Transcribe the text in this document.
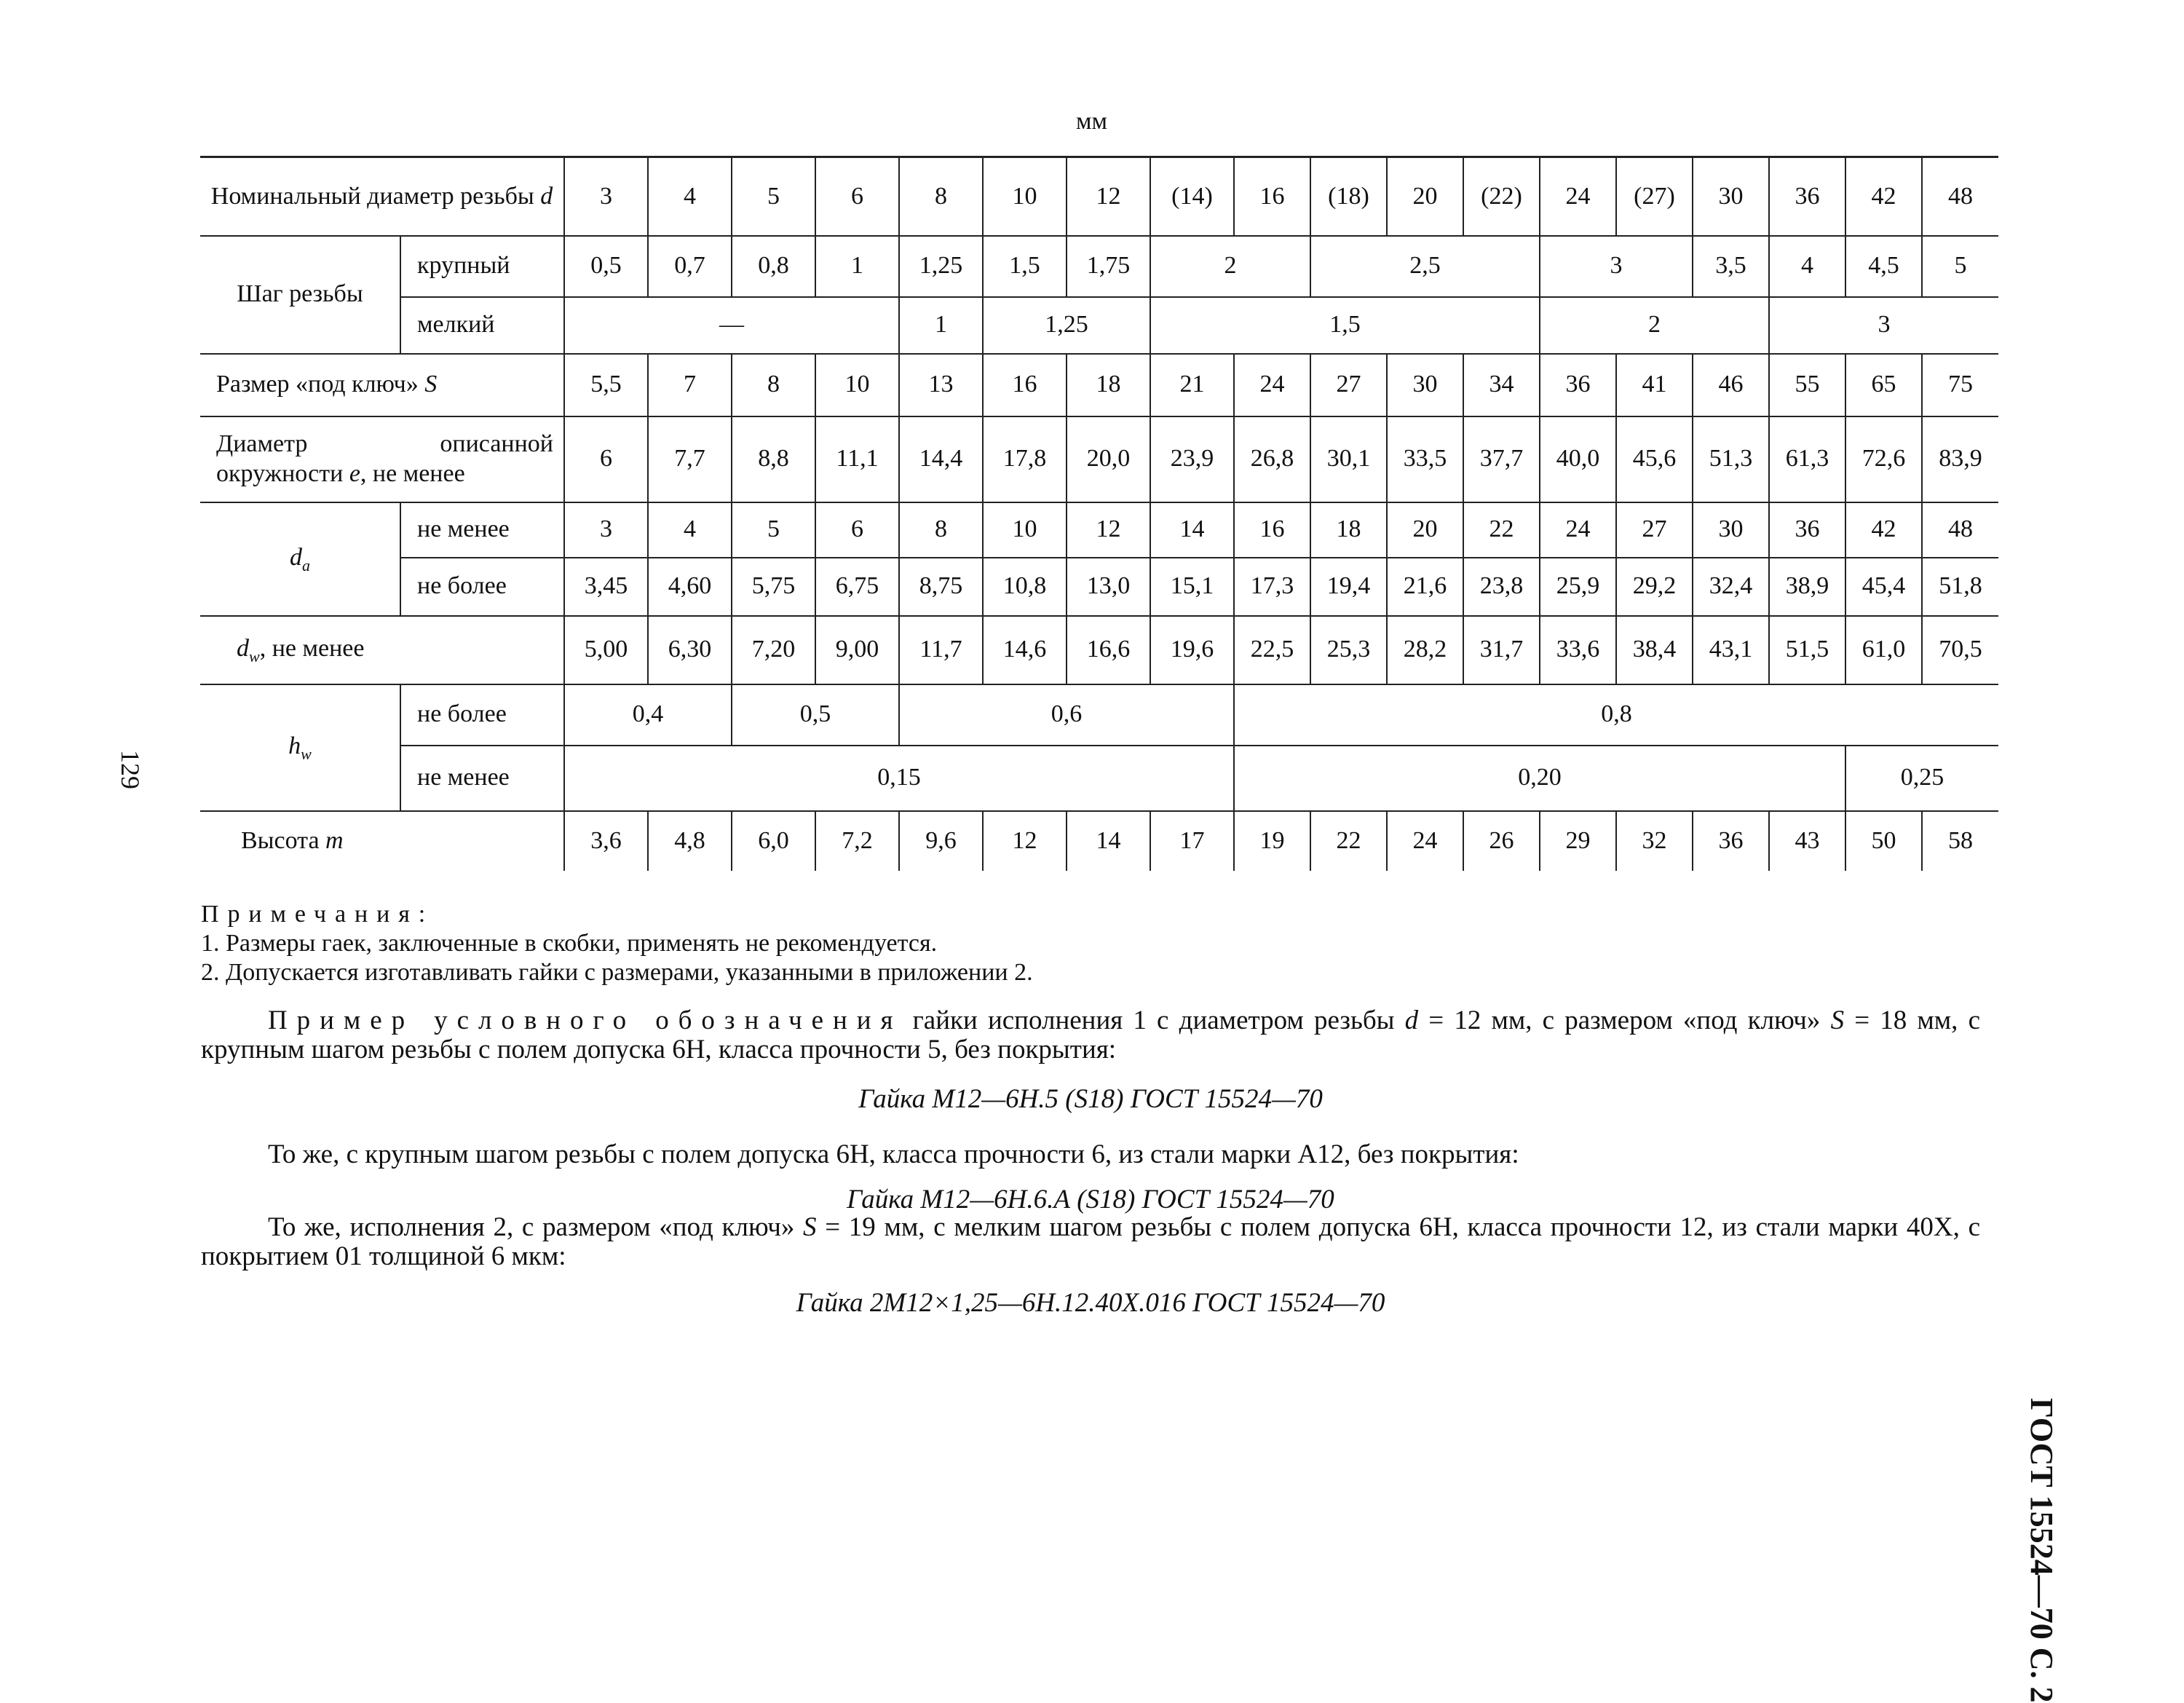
мм
Номинальный диаметр резьбы d		3	4	5	6	8	10	12	(14)	16	(18)	20	(22)	24	(27)	30	36	42	48
Шаг резьбы	крупный	0,5	0,7	0,8	1	1,25	1,5	1,75	2		2,5			3		3,5	4	4,5	5
	мелкий	—				1	1,25		1,5					2			3		
Размер «под ключ» S		5,5	7	8	10	13	16	18	21	24	27	30	34	36	41	46	55	65	75
Диаметр описанной окружности e, не менее		6	7,7	8,8	11,1	14,4	17,8	20,0	23,9	26,8	30,1	33,5	37,7	40,0	45,6	51,3	61,3	72,6	83,9
$d_a$	не менее	3	4	5	6	8	10	12	14	16	18	20	22	24	27	30	36	42	48
	не более	3,45	4,60	5,75	6,75	8,75	10,8	13,0	15,1	17,3	19,4	21,6	23,8	25,9	29,2	32,4	38,9	45,4	51,8
$d_w$, не менее		5,00	6,30	7,20	9,00	11,7	14,6	16,6	19,6	22,5	25,3	28,2	31,7	33,6	38,4	43,1	51,5	61,0	70,5
$h_w$	не более	0,4		0,5		0,6				0,8									
	не менее	0,15								0,20								0,25	
Высота m		3,6	4,8	6,0	7,2	9,6	12	14	17	19	22	24	26	29	32	36	43	50	58
129
ГОСТ 15524—70 С. 2
Примечания:
1. Размеры гаек, заключенные в скобки, применять не рекомендуется.
2. Допускается изготавливать гайки с размерами, указанными в приложении 2.
Пример условного обозначения гайки исполнения 1 с диаметром резьбы d = 12 мм, с размером «под ключ» S = 18 мм, с крупным шагом резьбы с полем допуска 6Н, класса прочности 5, без покрытия:
Гайка М12—6Н.5 (S18) ГОСТ 15524—70
То же, с крупным шагом резьбы с полем допуска 6Н, класса прочности 6, из стали марки А12, без покрытия:
Гайка М12—6Н.6.А (S18) ГОСТ 15524—70
То же, исполнения 2, с размером «под ключ» S = 19 мм, с мелким шагом резьбы с полем допуска 6Н, класса прочности 12, из стали марки 40Х, с покрытием 01 толщиной 6 мкм:
Гайка 2М12×1,25—6Н.12.40Х.016 ГОСТ 15524—70
